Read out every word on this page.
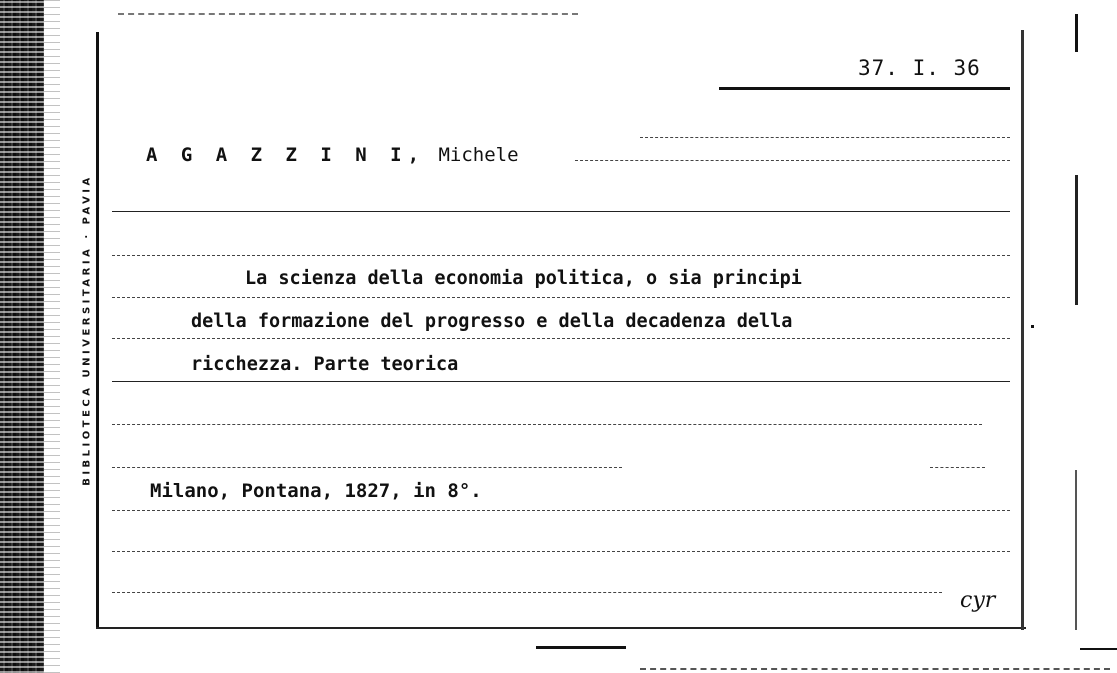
BIBLIOTECA UNIVERSITARIA · PAVIA
37. I. 36
A G A Z Z I N I, Michele
La scienza della economia politica, o sia principi
della formazione del progresso e della decadenza della
ricchezza. Parte teorica
Milano, Pontana, 1827, in 8°.
cyr
